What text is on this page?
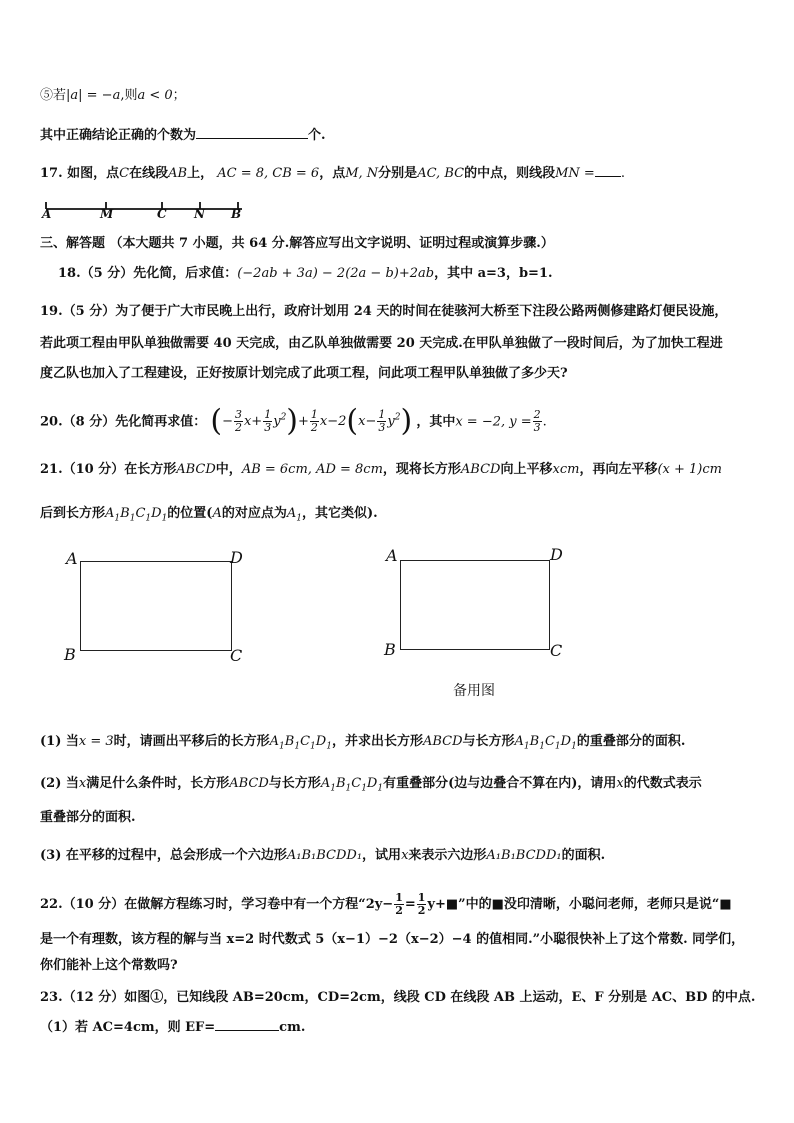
⑤若|a| = −a,则a < 0；
其中正确结论正确的个数为	个.
17. 如图，点C在线段AB上， AC = 8, CB = 6，点M, N分别是AC, BC的中点，则线段MN = .
A	M	C N B
三、解答题 （本大题共 7 小题，共 64 分.解答应写出文字说明、证明过程或演算步骤.）
18.（5 分）先化简，后求值：(−2ab + 3a) − 2(2a − b)+2ab，其中 a=3，b=1.
19.（5 分）为了便于广大市民晚上出行，政府计划用 24 天的时间在徒骇河大桥至下注段公路两侧修建路灯便民设施，
若此项工程由甲队单独做需要 40 天完成，由乙队单独做需要 20 天完成.在甲队单独做了一段时间后，为了加快工程进
度乙队也加入了工程建设，正好按原计划完成了此项工程，问此项工程甲队单独做了多少天?
20.（8 分）先化简再求值： (− $\frac{3}{2} x+ \frac{1}{3} y^2)+ \frac{1}{2} x-2(x- \frac{1}{3} y^2)$ ，其中x = −2, $y = \frac{2}{3}$ .
21.（10 分）在长方形ABCD中，AB = 6cm, AD = 8cm，现将长方形ABCD向上平移xcm，再向左平移(x + 1)cm
后到长方形$A_1B_1C_1D_1$的位置(A的对应点为$A_1$，其它类似).
A	D
B	C
A	D
B	C
备用图
(1) 当x = 3时，请画出平移后的长方形$A_1B_1C_1D_1$，并求出长方形ABCD与长方形$A_1B_1C_1D_1$的重叠部分的面积.
(2) 当x满足什么条件时，长方形ABCD与长方形$A_1B_1C_1D_1$有重叠部分(边与边叠合不算在内)，请用x的代数式表示
重叠部分的面积.
(3) 在平移的过程中，总会形成一个六边形A₁B₁BCDD₁，试用x来表示六边形A₁B₁BCDD₁的面积.
22.（10 分）在做解方程练习时，学习卷中有一个方程“$2y- \frac{1}{2} = \frac{1}{2}$ y+■”中的■没印清晰，小聪问老师，老师只是说“■
是一个有理数，该方程的解与当 x=2 时代数式 5（x−1）−2（x−2）−4 的值相同.”小聪很快补上了这个常数. 同学们，
你们能补上这个常数吗?
23.（12 分）如图①，已知线段 AB=20cm，CD=2cm，线段 CD 在线段 AB 上运动，E、F 分别是 AC、BD 的中点.
（1）若 AC=4cm，则 EF=	cm.
